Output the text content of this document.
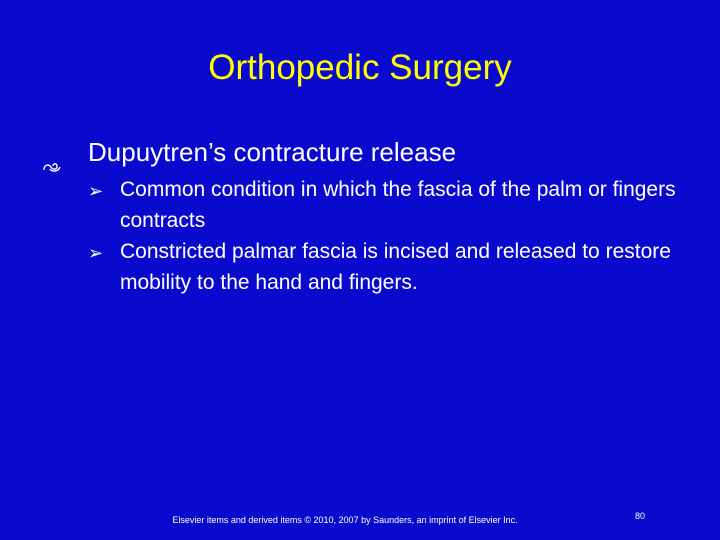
Orthopedic Surgery
Dupuytren’s contracture release
➢ Common condition in which the fascia of the palm or fingers contracts
➢ Constricted palmar fascia is incised and released to restore mobility to the hand and fingers.
Elsevier items and derived items © 2010, 2007 by Saunders, an imprint of Elsevier Inc.	80
